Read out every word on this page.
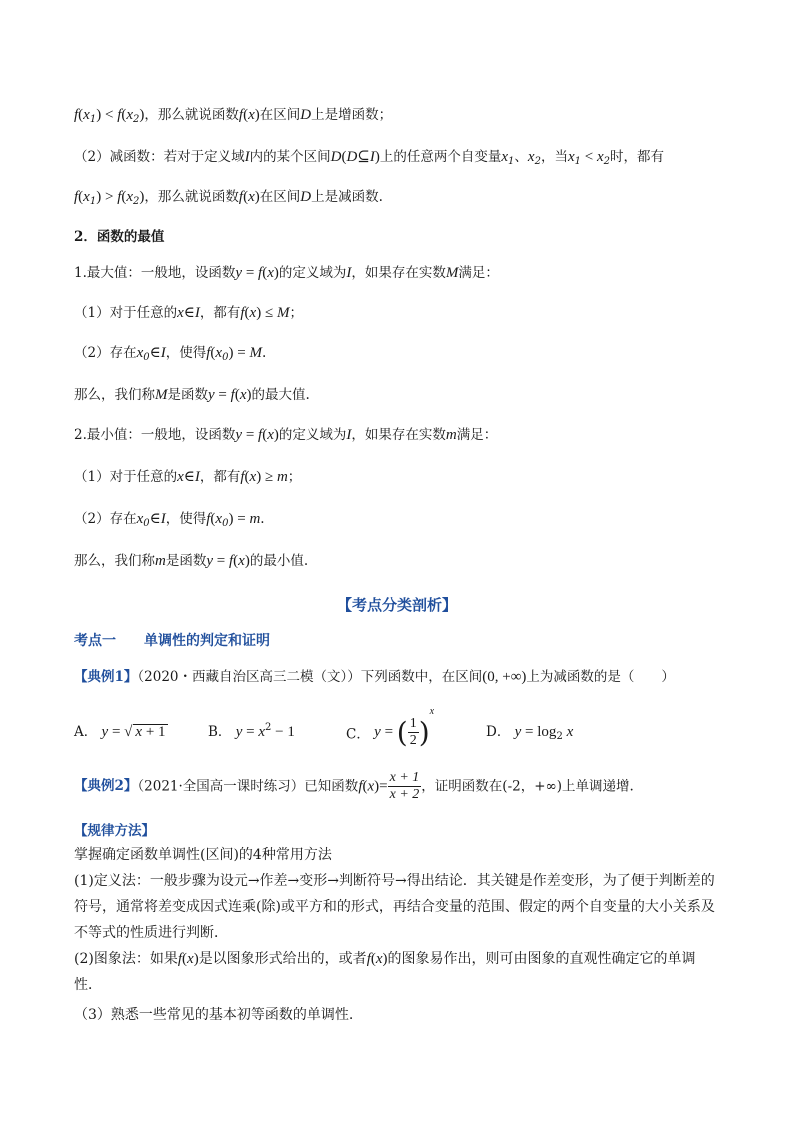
$f(x_1) < f(x_2)$，那么就说函数f(x)在区间D上是增函数；
（2）减函数：若对于定义域I内的某个区间D(D⊆I)上的任意两个自变量$x_1$、$x_2$，当$x_1 < x_2$时，都有
$f(x_1) > f(x_2)$，那么就说函数f(x)在区间D上是减函数.
2．函数的最值
1.最大值：一般地，设函数y = f(x)的定义域为I，如果存在实数M满足：
（1）对于任意的x∈I，都有f(x) ≤ M；
（2）存在$x_0\in I$，使得$f(x_0) = M$.
那么，我们称M是函数y = f(x)的最大值.
2.最小值：一般地，设函数y = f(x)的定义域为I，如果存在实数m满足：
（1）对于任意的x∈I，都有f(x) ≥ m；
（2）存在$x_0\in I$，使得$f(x_0) = m$.
那么，我们称m是函数y = f(x)的最小值.
【考点分类剖析】
考点一　　单调性的判定和证明
【典例1】（2020・西藏自治区高三二模（文））下列函数中，在区间(0, +∞)上为减函数的是（　　）
A． y = √ x + 1	B． $y = x^2 - 1$	C． y = ( $\frac{1}{2} )^x$
D． $y = \log_2 x$
【典例2】（2021·全国高一课时练习）已知函数$f(x)= \frac{x + 1}{x + 2}$ ，证明函数在(-2，+∞)上单调递增.
【规律方法】
掌握确定函数单调性(区间)的4种常用方法
(1)定义法：一般步骤为设元→作差→变形→判断符号→得出结论．其关键是作差变形，为了便于判断差的
符号，通常将差变成因式连乘(除)或平方和的形式，再结合变量的范围、假定的两个自变量的大小关系及
不等式的性质进行判断．
(2)图象法：如果f(x)是以图象形式给出的，或者f(x)的图象易作出，则可由图象的直观性确定它的单调
性．
（3）熟悉一些常见的基本初等函数的单调性.
